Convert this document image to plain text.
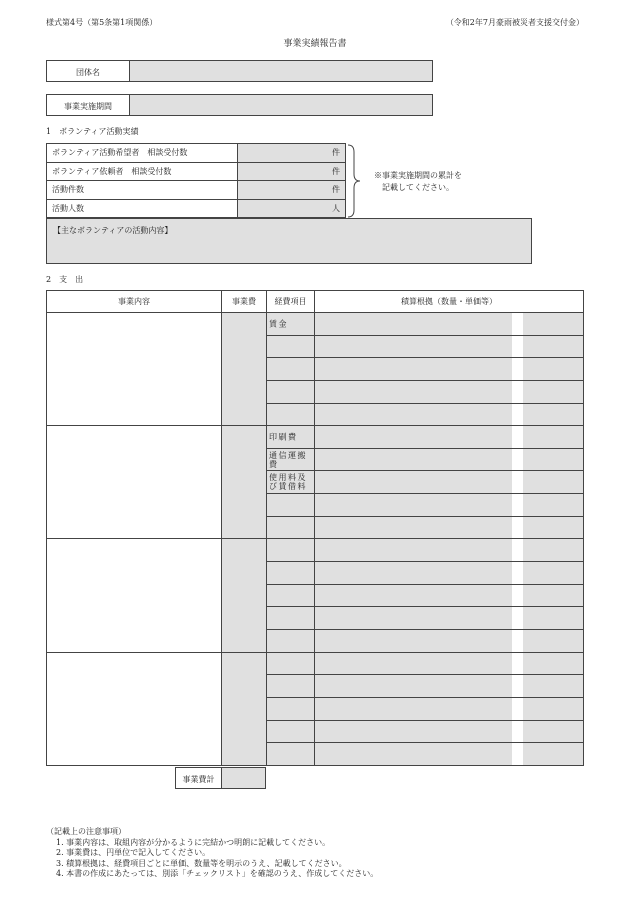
様式第4号（第5条第1項関係）	（令和2年7月豪雨被災者支援交付金）
事業実績報告書
団体名
事業実施期間
1　ボランティア活動実績
ボランティア活動希望者　相談受付数	件
ボランティア依頼者　相談受付数	件
活動件数	件
活動人数	人
※事業実施期間の累計を
　記載してください。
【主なボランティアの活動内容】
2　支　出
事業内容	事業費	経費項目	積算根拠（数量・単価等）

		賃金	

		印刷費	

		通信運搬費	

		使用料及び賃借料	

事業費計
（記載上の注意事項）
1. 事業内容は、取組内容が分かるように完結かつ明朗に記載してください。
2. 事業費は、円単位で記入してください。
3. 積算根拠は、経費項目ごとに単価、数量等を明示のうえ、記載してください。
4. 本書の作成にあたっては、別添「チェックリスト」を確認のうえ、作成してください。
